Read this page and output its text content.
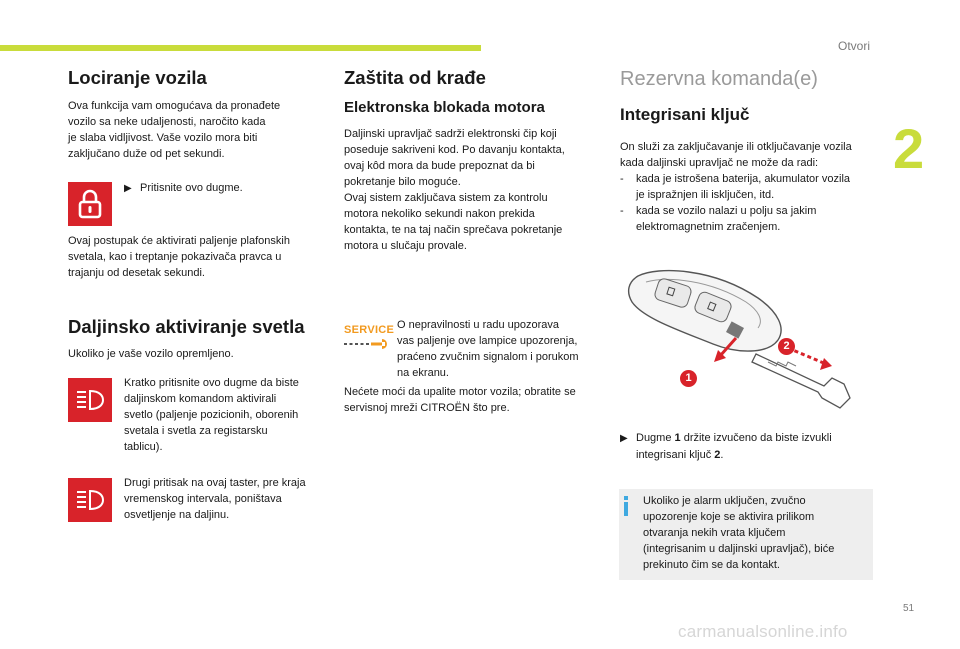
Otvori
2
Lociranje vozila

Ova funkcija vam omogućava da pronađete

vozilo sa neke udaljenosti, naročito kada

je slaba vidljivost. Vaše vozilo mora biti

zaključano duže od pet sekundi.

▶ Pritisnite ovo dugme.

Ovaj postupak će aktivirati paljenje plafonskih

svetala, kao i treptanje pokazivača pravca u

trajanju od desetak sekundi.

Daljinsko aktiviranje svetla

Ukoliko je vaše vozilo opremljeno.

Kratko pritisnite ovo dugme da biste

daljinskom komandom aktivirali

svetlo (paljenje pozicionih, oborenih

svetala i svetla za registarsku

tablicu).

Drugi pritisak na ovaj taster, pre kraja

vremenskog intervala, poništava

osvetljenje na daljinu.

Zaštita od krađe
Elektronska blokada motora

Daljinski upravljač sadrži elektronski čip koji

poseduje sakriveni kod. Po davanju kontakta,

ovaj kôd mora da bude prepoznat da bi

pokretanje bilo moguće.

Ovaj sistem zaključava sistem za kontrolu

motora nekoliko sekundi nakon prekida

kontakta, te na taj način sprečava pokretanje

motora u slučaju provale.

SERVICE O nepravilnosti u radu upozorava

vas paljenje ove lampice upozorenja,

praćeno zvučnim signalom i porukom

na ekranu.

Nećete moći da upalite motor vozila; obratite se

servisnoj mreži CITROËN što pre.

Rezervna komanda(e)
Integrisani ključ

On služi za zaključavanje ili otključavanje vozila

kada daljinski upravljač ne može da radi:

- kada je istrošena baterija, akumulator vozila

je ispražnjen ili isključen, itd.

- kada se vozilo nalazi u polju sa jakim

elektromagnetnim zračenjem.

1
2

▶ Dugme 1 držite izvučeno da biste izvukli

integrisani ključ 2.

Ukoliko je alarm uključen, zvučno

upozorenje koje se aktivira prilikom

otvaranja nekih vrata ključem

(integrisanim u daljinski upravljač), biće

prekinuto čim se da kontakt.

51
carmanualsonline.info
